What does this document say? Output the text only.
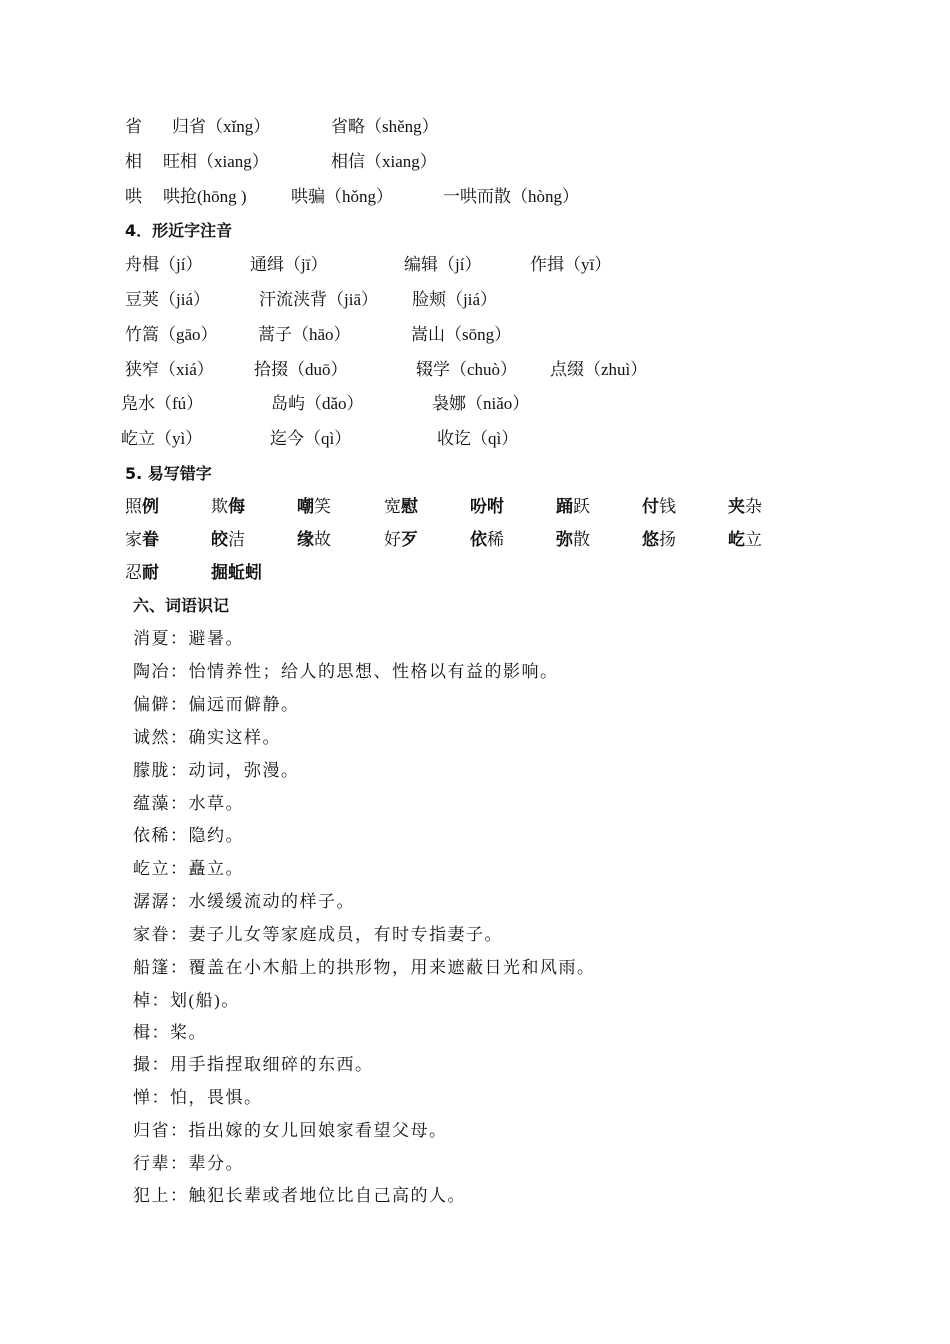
省 归省（xǐng）	省略（shěng）
相 旺相（xiang）	相信（xiang）
哄 哄抢(hōng )	哄骗（hǒng）	一哄而散（hòng）
4．形近字注音
舟楫（jí）	通缉（jī）	编辑（jí）	作揖（yī）
豆荚（jiá）	汗流浃背（jiā） 脸颊（jiá）
竹篙（gāo） 蒿子（hāo）	嵩山（sōng）
狭窄（xiá） 拾掇（duō）	辍学（chuò） 点缀（zhuì）
凫水（fú）	岛屿（dǎo）	袅娜（niǎo）
屹立（yì）	迄今（qì）	收讫（qì）
5. 易写错字
照例	欺侮	嘲笑	宽慰	吩咐	踊跃	付钱	夹杂
家眷	皎洁	缘故	好歹	依稀	弥散	悠扬	屹立
忍耐	掘蚯蚓
六、词语识记
消夏：避暑。
陶冶：怡情养性；给人的思想、性格以有益的影响。
偏僻：偏远而僻静。
诚然：确实这样。
朦胧：动词，弥漫。
蕴藻：水草。
依稀：隐约。
屹立：矗立。
潺潺：水缓缓流动的样子。
家眷：妻子儿女等家庭成员，有时专指妻子。
船篷：覆盖在小木船上的拱形物，用来遮蔽日光和风雨。
棹：划(船)。
楫：桨。
撮：用手指捏取细碎的东西。
惮：怕，畏惧。
归省：指出嫁的女儿回娘家看望父母。
行辈：辈分。
犯上：触犯长辈或者地位比自己高的人。
